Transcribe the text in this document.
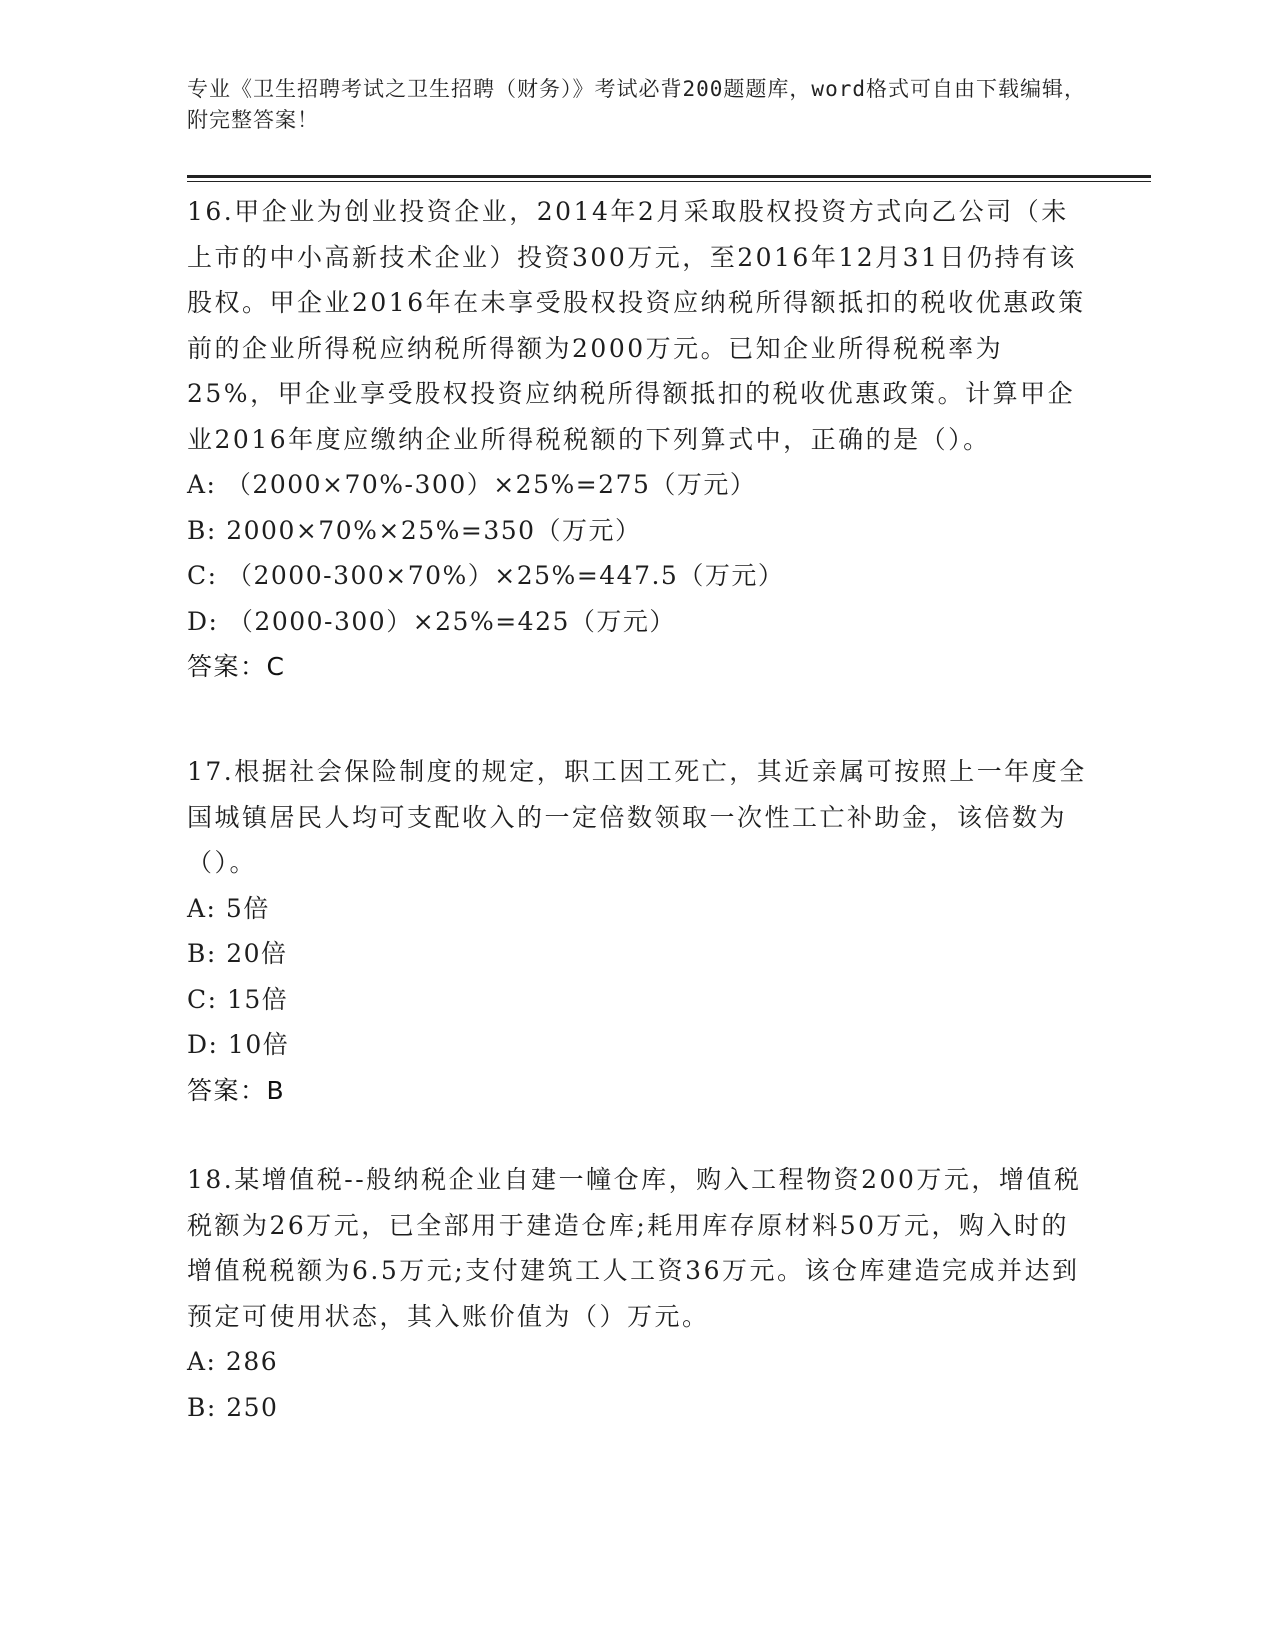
专业《卫生招聘考试之卫生招聘（财务）》考试必背200题题库，word格式可自由下载编辑，附完整答案！

16.甲企业为创业投资企业，2014年2月采取股权投资方式向乙公司（未上市的中小高新技术企业）投资300万元，至2016年12月31日仍持有该股权。甲企业2016年在未享受股权投资应纳税所得额抵扣的税收优惠政策前的企业所得税应纳税所得额为2000万元。已知企业所得税税率为25%，甲企业享受股权投资应纳税所得额抵扣的税收优惠政策。计算甲企业2016年度应缴纳企业所得税税额的下列算式中，正确的是（）。

A: （2000×70%-300）×25%=275（万元）

B: 2000×70%×25%=350（万元）

C: （2000-300×70%）×25%=447.5（万元）

D: （2000-300）×25%=425（万元）

答案：C

17.根据社会保险制度的规定，职工因工死亡，其近亲属可按照上一年度全国城镇居民人均可支配收入的一定倍数领取一次性工亡补助金，该倍数为（）。

A: 5倍

B: 20倍

C: 15倍

D: 10倍

答案：B

18.某增值税--般纳税企业自建一幢仓库，购入工程物资200万元，增值税税额为26万元，已全部用于建造仓库;耗用库存原材料50万元，购入时的增值税税额为6.5万元;支付建筑工人工资36万元。该仓库建造完成并达到预定可使用状态，其入账价值为（）万元。

A: 286

B: 250
